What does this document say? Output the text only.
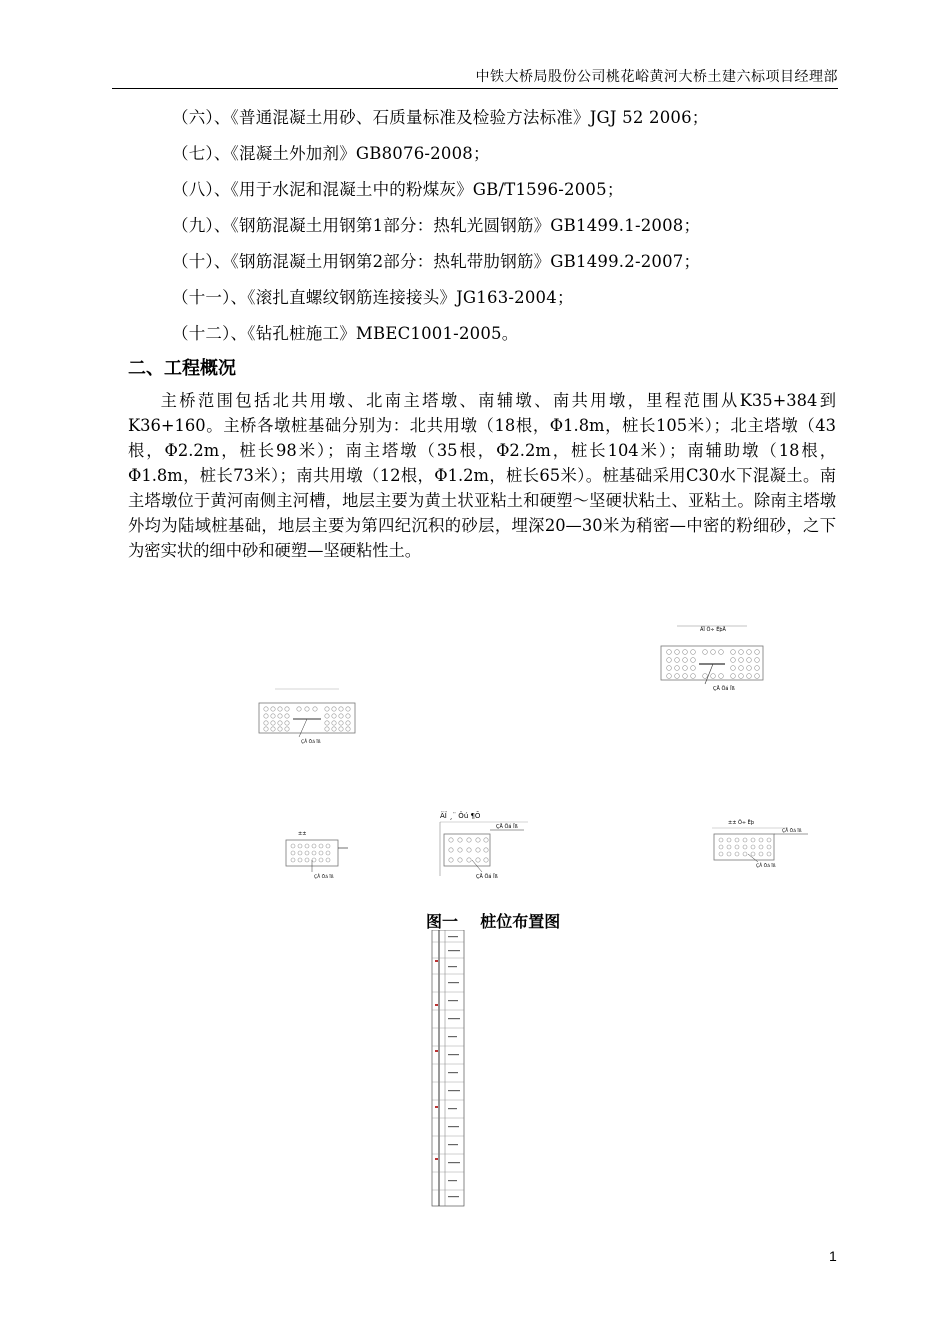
中铁大桥局股份公司桃花峪黄河大桥土建六标项目经理部
（六）、《普通混凝土用砂、石质量标准及检验方法标准》JGJ 52 2006；
（七）、《混凝土外加剂》GB8076-2008；
（八）、《用于水泥和混凝土中的粉煤灰》GB/T1596-2005；
（九）、《钢筋混凝土用钢第1部分：热轧光圆钢筋》GB1499.1-2008；
（十）、《钢筋混凝土用钢第2部分：热轧带肋钢筋》GB1499.2-2007；
（十一）、《滚扎直螺纹钢筋连接接头》JG163-2004；
（十二）、《钻孔桩施工》MBEC1001-2005。
二、工程概况

主桥范围包括北共用墩、北南主塔墩、南辅墩、南共用墩，里程范围从K35+384到K36+160。主桥各墩桩基础分别为：北共用墩（18根，Φ1.8m，桩长105米）；北主塔墩（43根，Φ2.2m，桩长98米）；南主塔墩（35根，Φ2.2m，桩长104米）；南辅助墩（18根，Φ1.8m，桩长73米）；南共用墩（12根，Φ1.2m，桩长65米）。桩基础采用C30水下混凝土。南主塔墩位于黄河南侧主河槽，地层主要为黄土状亚粘土和硬塑～坚硬状粘土、亚粘土。除南主塔墩外均为陆域桩基础，地层主要为第四纪沉积的砂层，埋深20—30米为稍密—中密的粉细砂，之下为密实状的细中砂和硬塑—坚硬粘性土。

ÄÏ Ö÷ ËþÅ
ÇÅ Öá Ïß
ÇÅ Öá Ïß
±±
ÇÅ Öá Ïß
ÄÏ ¸¨ Öú ¶Õ
ÇÅ Öá Ïß
ÇÅ Öá Ïß
±± Ö÷ Ëþ
ÇÅ Öá Ïß
ÇÅ Öá Ïß
图一    桩位布置图
1
